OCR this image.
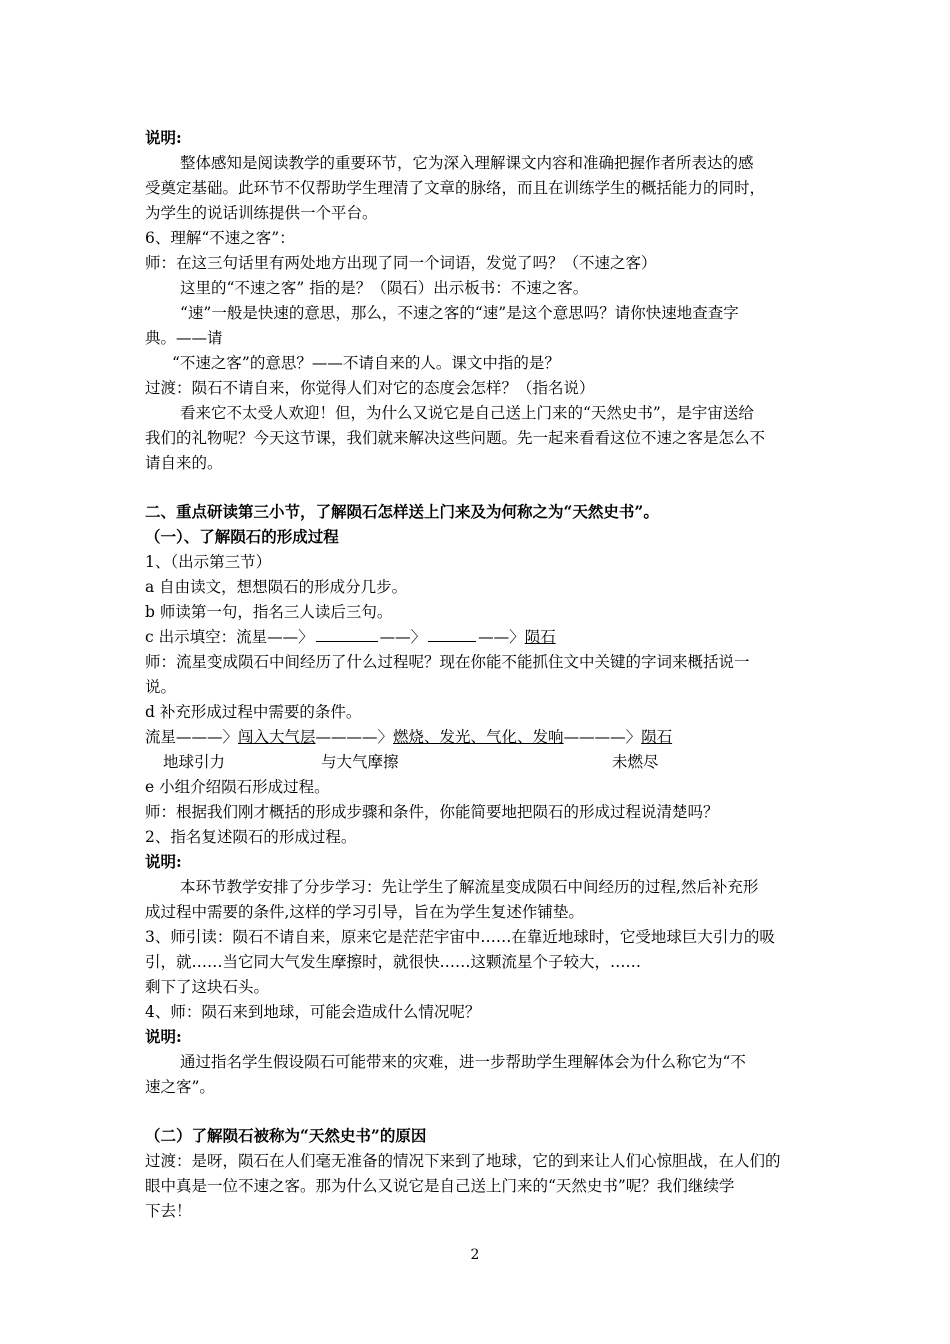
说明:
整体感知是阅读教学的重要环节，它为深入理解课文内容和准确把握作者所表达的感
受奠定基础。此环节不仅帮助学生理清了文章的脉络，而且在训练学生的概括能力的同时，
为学生的说话训练提供一个平台。
6、理解“不速之客”：
师：在这三句话里有两处地方出现了同一个词语，发觉了吗？（不速之客）
这里的“不速之客” 指的是？（陨石）出示板书：不速之客。
“速”一般是快速的意思，那么，不速之客的“速”是这个意思吗？请你快速地查查字
典。——请
“不速之客”的意思？——不请自来的人。课文中指的是？
过渡：陨石不请自来，你觉得人们对它的态度会怎样？（指名说）
看来它不太受人欢迎！但，为什么又说它是自己送上门来的“天然史书”，是宇宙送给
我们的礼物呢？今天这节课，我们就来解决这些问题。先一起来看看这位不速之客是怎么不
请自来的。
二、重点研读第三小节，了解陨石怎样送上门来及为何称之为“天然史书”。
（一）、了解陨石的形成过程
1、（出示第三节）
a 自由读文，想想陨石的形成分几步。
b 师读第一句，指名三人读后三句。
c 出示填空：流星——〉	——〉	——〉陨石
师：流星变成陨石中间经历了什么过程呢？现在你能不能抓住文中关键的字词来概括说一
说。
d 补充形成过程中需要的条件。
流星———〉闯入大气层————〉燃烧、发光、气化、发响————〉陨石
地球引力	与大气摩擦	未燃尽
e 小组介绍陨石形成过程。
师：根据我们刚才概括的形成步骤和条件，你能简要地把陨石的形成过程说清楚吗？
2、指名复述陨石的形成过程。
说明:
本环节教学安排了分步学习：先让学生了解流星变成陨石中间经历的过程,然后补充形
成过程中需要的条件,这样的学习引导，旨在为学生复述作铺垫。
3、师引读：陨石不请自来，原来它是茫茫宇宙中……在靠近地球时，它受地球巨大引力的吸
引，就……当它同大气发生摩擦时，就很快……这颗流星个子较大，……
剩下了这块石头。
4、师：陨石来到地球，可能会造成什么情况呢？
说明:
通过指名学生假设陨石可能带来的灾难，进一步帮助学生理解体会为什么称它为“不
速之客”。
（二）了解陨石被称为“天然史书”的原因
过渡：是呀，陨石在人们毫无准备的情况下来到了地球，它的到来让人们心惊胆战，在人们的
眼中真是一位不速之客。那为什么又说它是自己送上门来的“天然史书”呢？我们继续学
下去！
2
